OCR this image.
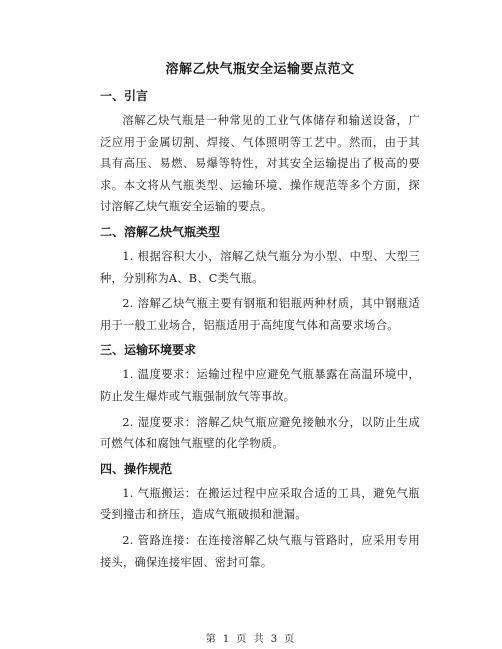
溶解乙炔气瓶安全运输要点范文
一、引言

溶解乙炔气瓶是一种常见的工业气体储存和输送设备，广泛应用于金属切割、焊接、气体照明等工艺中。然而，由于其具有高压、易燃、易爆等特性，对其安全运输提出了极高的要求。本文将从气瓶类型、运输环境、操作规范等多个方面，探讨溶解乙炔气瓶安全运输的要点。

二、溶解乙炔气瓶类型

1. 根据容积大小，溶解乙炔气瓶分为小型、中型、大型三种，分别称为A、B、C类气瓶。

2. 溶解乙炔气瓶主要有钢瓶和铝瓶两种材质，其中钢瓶适用于一般工业场合，铝瓶适用于高纯度气体和高要求场合。

三、运输环境要求

1. 温度要求：运输过程中应避免气瓶暴露在高温环境中，防止发生爆炸或气瓶强制放气等事故。

2. 湿度要求：溶解乙炔气瓶应避免接触水分，以防止生成可燃气体和腐蚀气瓶壁的化学物质。

四、操作规范

1. 气瓶搬运：在搬运过程中应采取合适的工具，避免气瓶受到撞击和挤压，造成气瓶破损和泄漏。

2. 管路连接：在连接溶解乙炔气瓶与管路时，应采用专用接头，确保连接牢固、密封可靠。

第 1 页 共 3 页
